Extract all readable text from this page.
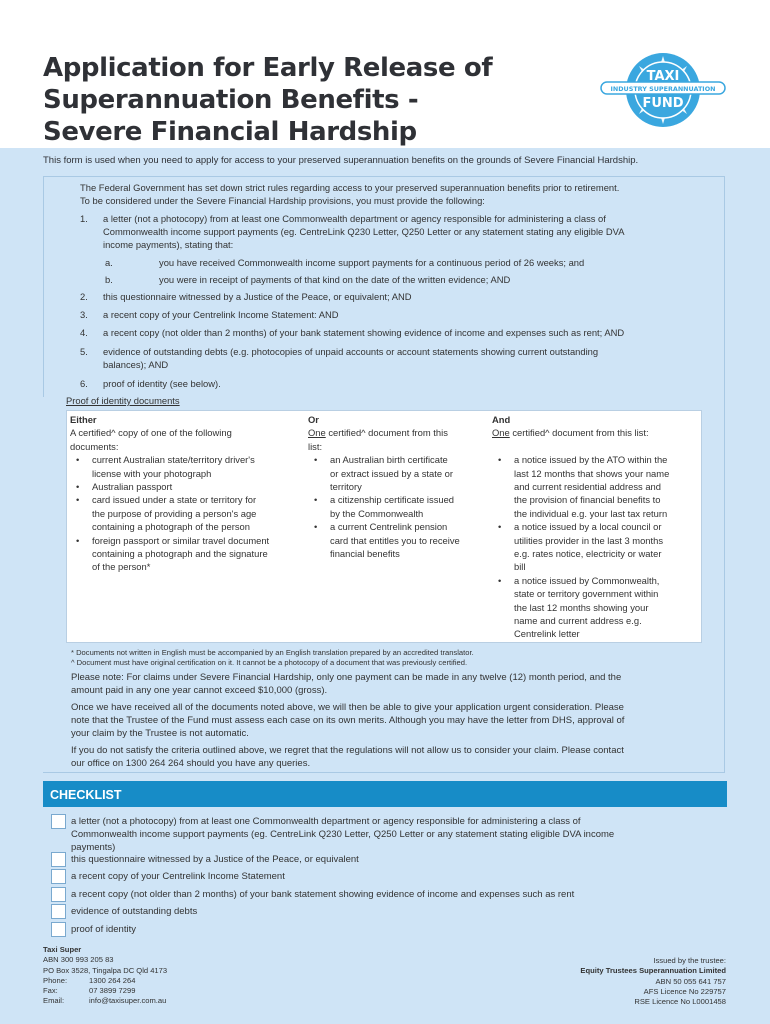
Application for Early Release of
Superannuation Benefits -
Severe Financial Hardship
TAXI
INDUSTRY SUPERANNUATION
FUND
This form is used when you need to apply for access to your preserved superannuation benefits on the grounds of Severe Financial Hardship.
The Federal Government has set down strict rules regarding access to your preserved superannuation benefits prior to retirement.
To be considered under the Severe Financial Hardship provisions, you must provide the following:
1. a letter (not a photocopy) from at least one Commonwealth department or agency responsible for administering a class of
Commonwealth income support payments (eg. CentreLink Q230 Letter, Q250 Letter or any statement stating any eligible DVA
income payments), stating that:
a.	you have received Commonwealth income support payments for a continuous period of 26 weeks; and
b.	you were in receipt of payments of that kind on the date of the written evidence; AND
2. this questionnaire witnessed by a Justice of the Peace, or equivalent; AND
3. a recent copy of your Centrelink Income Statement: AND
4. a recent copy (not older than 2 months) of your bank statement showing evidence of income and expenses such as rent; AND
5. evidence of outstanding debts (e.g. photocopies of unpaid accounts or account statements showing current outstanding
balances); AND
6. proof of identity (see below).
Proof of identity documents
Either
A certified^ copy of one of the following
documents:
• current Australian state/territory driver's
license with your photograph
• Australian passport
• card issued under a state or territory for
the purpose of providing a person's age
containing a photograph of the person
• foreign passport or similar travel document
containing a photograph and the signature
of the person*
Or
One certified^ document from this
list:
• an Australian birth certificate
or extract issued by a state or
territory
• a citizenship certificate issued
by the Commonwealth
• a current Centrelink pension
card that entitles you to receive
financial benefits
And
One certified^ document from this list:
• a notice issued by the ATO within the
last 12 months that shows your name
and current residential address and
the provision of financial benefits to
the individual e.g. your last tax return
• a notice issued by a local council or
utilities provider in the last 3 months
e.g. rates notice, electricity or water
bill
• a notice issued by Commonwealth,
state or territory government within
the last 12 months showing your
name and current address e.g.
Centrelink letter
* Documents not written in English must be accompanied by an English translation prepared by an accredited translator.
^ Document must have original certification on it. It cannot be a photocopy of a document that was previously certified.
Please note: For claims under Severe Financial Hardship, only one payment can be made in any twelve (12) month period, and the
amount paid in any one year cannot exceed $10,000 (gross).
Once we have received all of the documents noted above, we will then be able to give your application urgent consideration. Please
note that the Trustee of the Fund must assess each case on its own merits. Although you may have the letter from DHS, approval of
your claim by the Trustee is not automatic.
If you do not satisfy the criteria outlined above, we regret that the regulations will not allow us to consider your claim. Please contact
our office on 1300 264 264 should you have any queries.
CHECKLIST
a letter (not a photocopy) from at least one Commonwealth department or agency responsible for administering a class of
Commonwealth income support payments (eg. CentreLink Q230 Letter, Q250 Letter or any statement stating eligible DVA income
payments)
this questionnaire witnessed by a Justice of the Peace, or equivalent
a recent copy of your Centrelink Income Statement
a recent copy (not older than 2 months) of your bank statement showing evidence of income and expenses such as rent
evidence of outstanding debts
proof of identity
Taxi Super
ABN 300 993 205 83
PO Box 3528, Tingalpa DC Qld 4173
Phone:	1300 264 264
Fax:	07 3899 7299
Email:	info@taxisuper.com.au
Issued by the trustee:
Equity Trustees Superannuation Limited
ABN 50 055 641 757
AFS Licence No 229757
RSE Licence No L0001458
